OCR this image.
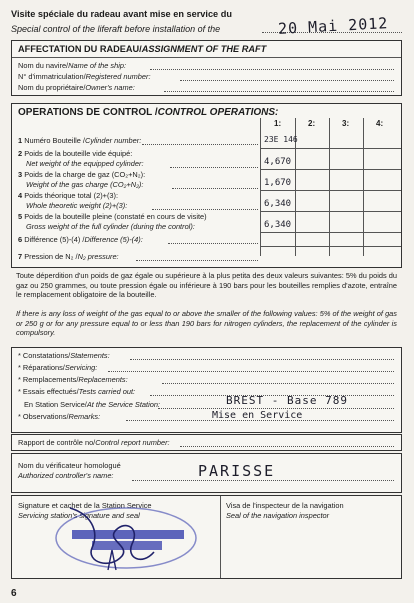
Visite spéciale du radeau avant mise en service du
Special control of the liferaft before installation of the	20 Mai 2012
AFFECTATION DU RADEAU/ASSIGNMENT OF THE RAFT
Nom du navire/Name of the ship:
N° d'immatriculation/Registered number:
Nom du propriétaire/Owner's name:
OPERATIONS DE CONTROL /CONTROL OPERATIONS:
1:	2:	3:	4:
1 Numéro Bouteille /Cylinder number:	23E 146
2 Poids de la bouteille vide équipé:
Net weight of the equipped cylinder:	4,670
3 Poids de la charge de gaz (CO₂+N₂):
Weight of the gas charge (CO₂+N₂):	1,670
4 Poids théorique total (2)+(3):
Whole theoretic weight (2)+(3):	6,340
5 Poids de la bouteille pleine (constaté en cours de visite)
Gross weight of the full cylinder (during the control):	6,340
6 Différence (5)-(4) /Difference (5)-(4):
7 Pression de N₂ /N₂ pressure:
Toute déperdition d'un poids de gaz égale ou supérieure à la plus petita des deux valeurs suivantes: 5% du poids du gaz ou 250 grammes, ou toute pression égale ou inférieure à 190 bars pour les bouteilles remplies d'azote, entraîne le remplacement obligatoire de la bouteille.
If there is any loss of weight of the gas equal to or above the smaller of the following values: 5% of the weight of gas or 250 g or for any pressure equal to or less than 190 bars for nitrogen cylinders, the replacement of the cylinder is compulsory.
* Constatations/Statements:
* Réparations/Servicing:
* Remplacements/Replacements:
* Essais effectués/Tests carried out:
En Station Service/At the Service Station:	BREST - Base 789
* Observations/Remarks:	Mise en Service
Rapport de contrôle no/Control report number:
Nom du vérificateur homologué
Authorized controller's name:	PARISSE
Signature et cachet de la Station Service
Servicing station's signature and seal
Visa de l'inspecteur de la navigation
Seal of the navigation inspector
6
